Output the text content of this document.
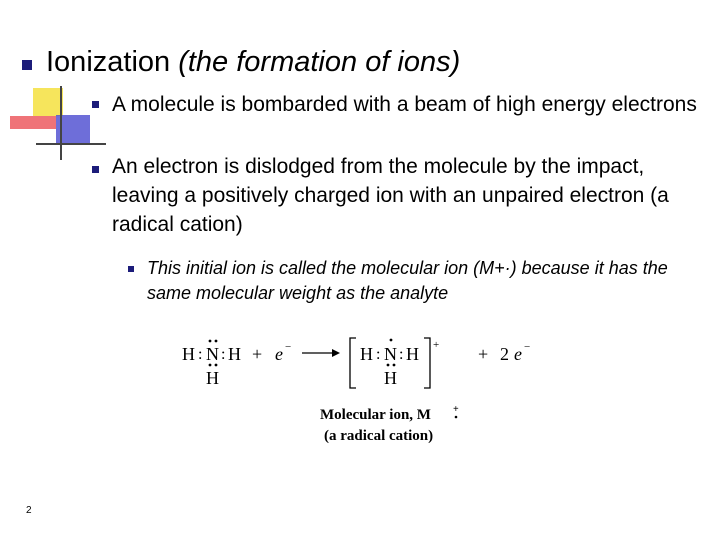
Ionization (the formation of ions)
A molecule is bombarded with a beam of high energy electrons
An electron is dislodged from the molecule by the impact, leaving a positively charged ion with an unpaired electron (a radical cation)
This initial ion is called the molecular ion (M+·) because it has the same molecular weight as the analyte
H : N : H
H
+ e −	H : N : H
H
+ + 2 e −
Molecular ion, M +
(a radical cation)
2
